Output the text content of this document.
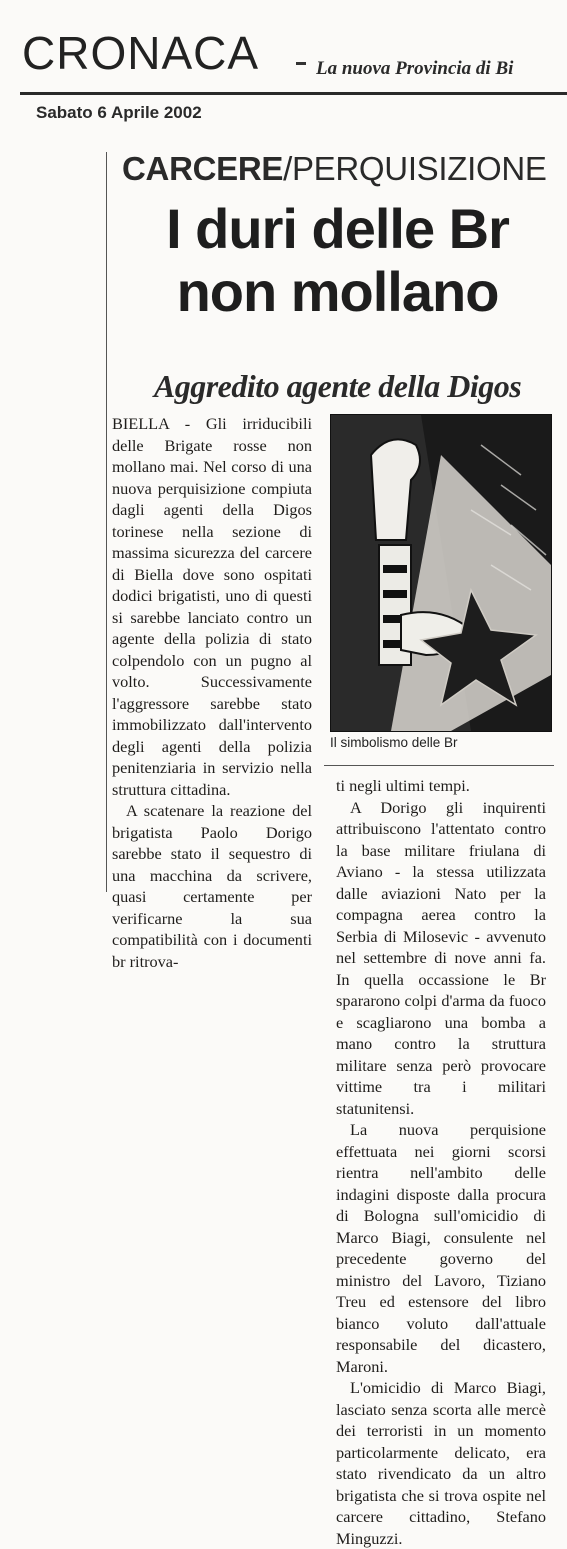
CRONACA	La nuova Provincia di Bi
Sabato 6 Aprile 2002
CARCERE/PERQUISIZIONE
I duri delle Br
non mollano
Aggredito agente della Digos

BIELLA - Gli irriducibili delle Brigate rosse non mollano mai. Nel corso di una nuova perquisizione compiuta dagli agenti della Digos torinese nella sezione di massima sicurezza del carcere di Biella dove sono ospitati dodici brigatisti, uno di questi si sarebbe lanciato contro un agente della polizia di stato colpendolo con un pugno al volto. Successivamente l'aggressore sarebbe stato immobilizzato dall'intervento degli agenti della polizia penitenziaria in servizio nella struttura cittadina.

A scatenare la reazione del brigatista Paolo Dorigo sarebbe stato il sequestro di una macchina da scrivere, quasi certamente per verificarne la sua compatibilità con i documenti br ritrova-

Il simbolismo delle Br

ti negli ultimi tempi.

A Dorigo gli inquirenti attribuiscono l'attentato contro la base militare friulana di Aviano - la stessa utilizzata dalle aviazioni Nato per la compagna aerea contro la Serbia di Milosevic - avvenuto nel settembre di nove anni fa. In quella occassione le Br spararono colpi d'arma da fuoco e scagliarono una bomba a mano contro la struttura militare senza però provocare vittime tra i militari statunitensi.

La nuova perquisione effettuata nei giorni scorsi rientra nell'ambito delle indagini disposte dalla procura di Bologna sull'omicidio di Marco Biagi, consulente nel precedente governo del ministro del Lavoro, Tiziano Treu ed estensore del libro bianco voluto dall'attuale responsabile del dicastero, Maroni.

L'omicidio di Marco Biagi, lasciato senza scorta alle mercè dei terroristi in un momento particolarmente delicato, era stato rivendicato da un altro brigatista che si trova ospite nel carcere cittadino, Stefano Minguzzi.
